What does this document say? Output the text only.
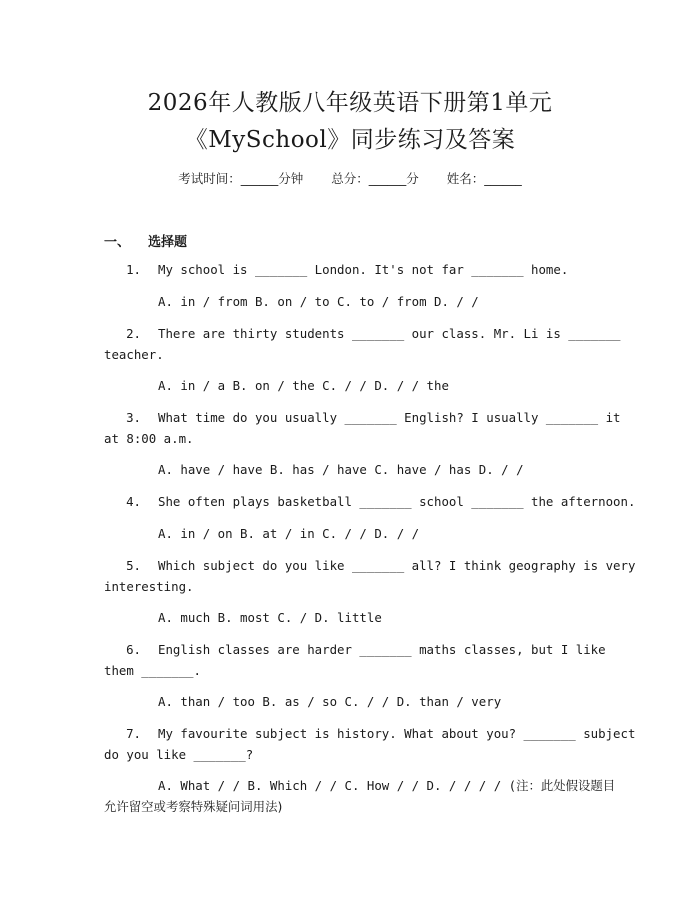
2026年人教版八年级英语下册第1单元
《MySchool》同步练习及答案
考试时间：______分钟 总分：______分 姓名：______
一、 选择题
1. My school is _______ London. It's not far _______ home.
A. in / from B. on / to C. to / from D. / /
2. There are thirty students _______ our class. Mr. Li is _______
teacher.
A. in / a B. on / the C. / / D. / / the
3. What time do you usually _______ English? I usually _______ it
at 8:00 a.m.
A. have / have B. has / have C. have / has D. / /
4. She often plays basketball _______ school _______ the afternoon.
A. in / on B. at / in C. / / D. / /
5. Which subject do you like _______ all? I think geography is very
interesting.
A. much B. most C. / D. little
6. English classes are harder _______ maths classes, but I like
them _______.
A. than / too B. as / so C. / / D. than / very
7. My favourite subject is history. What about you? _______ subject
do you like _______?
A. What / / B. Which / / C. How / / D. / / / / (注：此处假设题目
允许留空或考察特殊疑问词用法)
